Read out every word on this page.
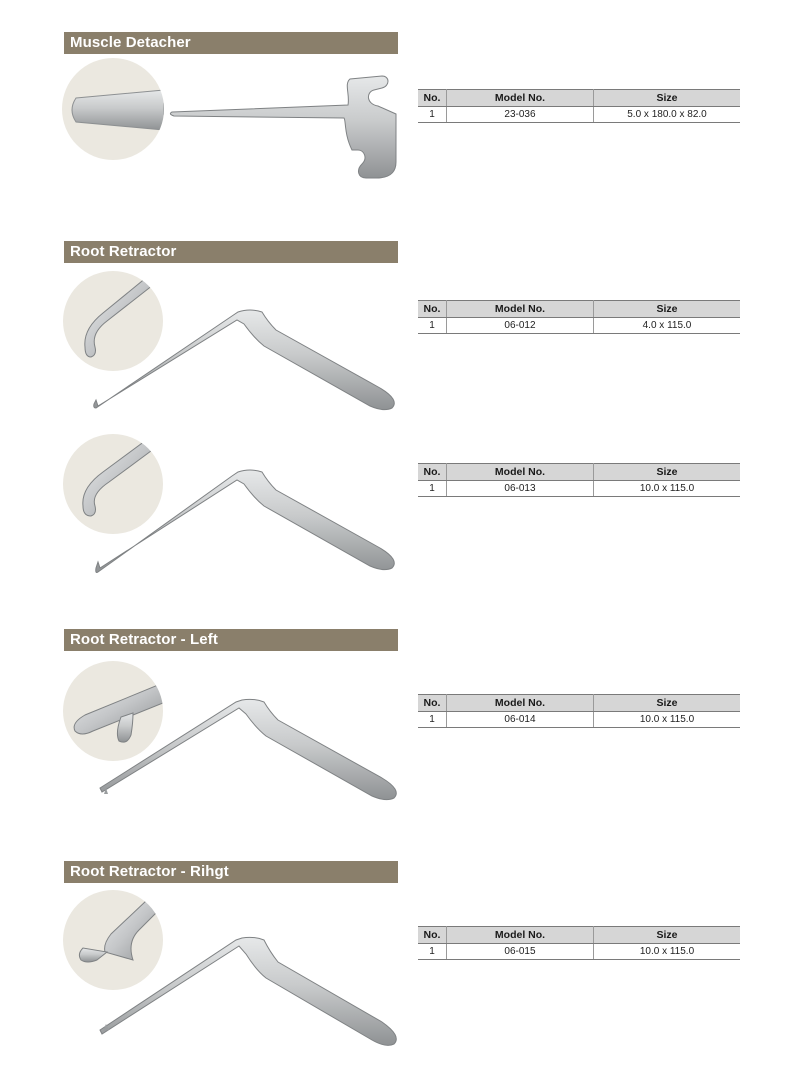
Muscle Detacher
No.	Model No.	Size
1	23-036	5.0 x 180.0 x 82.0
Root Retractor
No.	Model No.	Size
1	06-012	4.0 x 115.0
No.	Model No.	Size
1	06-013	10.0 x 115.0
Root Retractor - Left
No.	Model No.	Size
1	06-014	10.0 x 115.0
Root Retractor - Rihgt
No.	Model No.	Size
1	06-015	10.0 x 115.0
